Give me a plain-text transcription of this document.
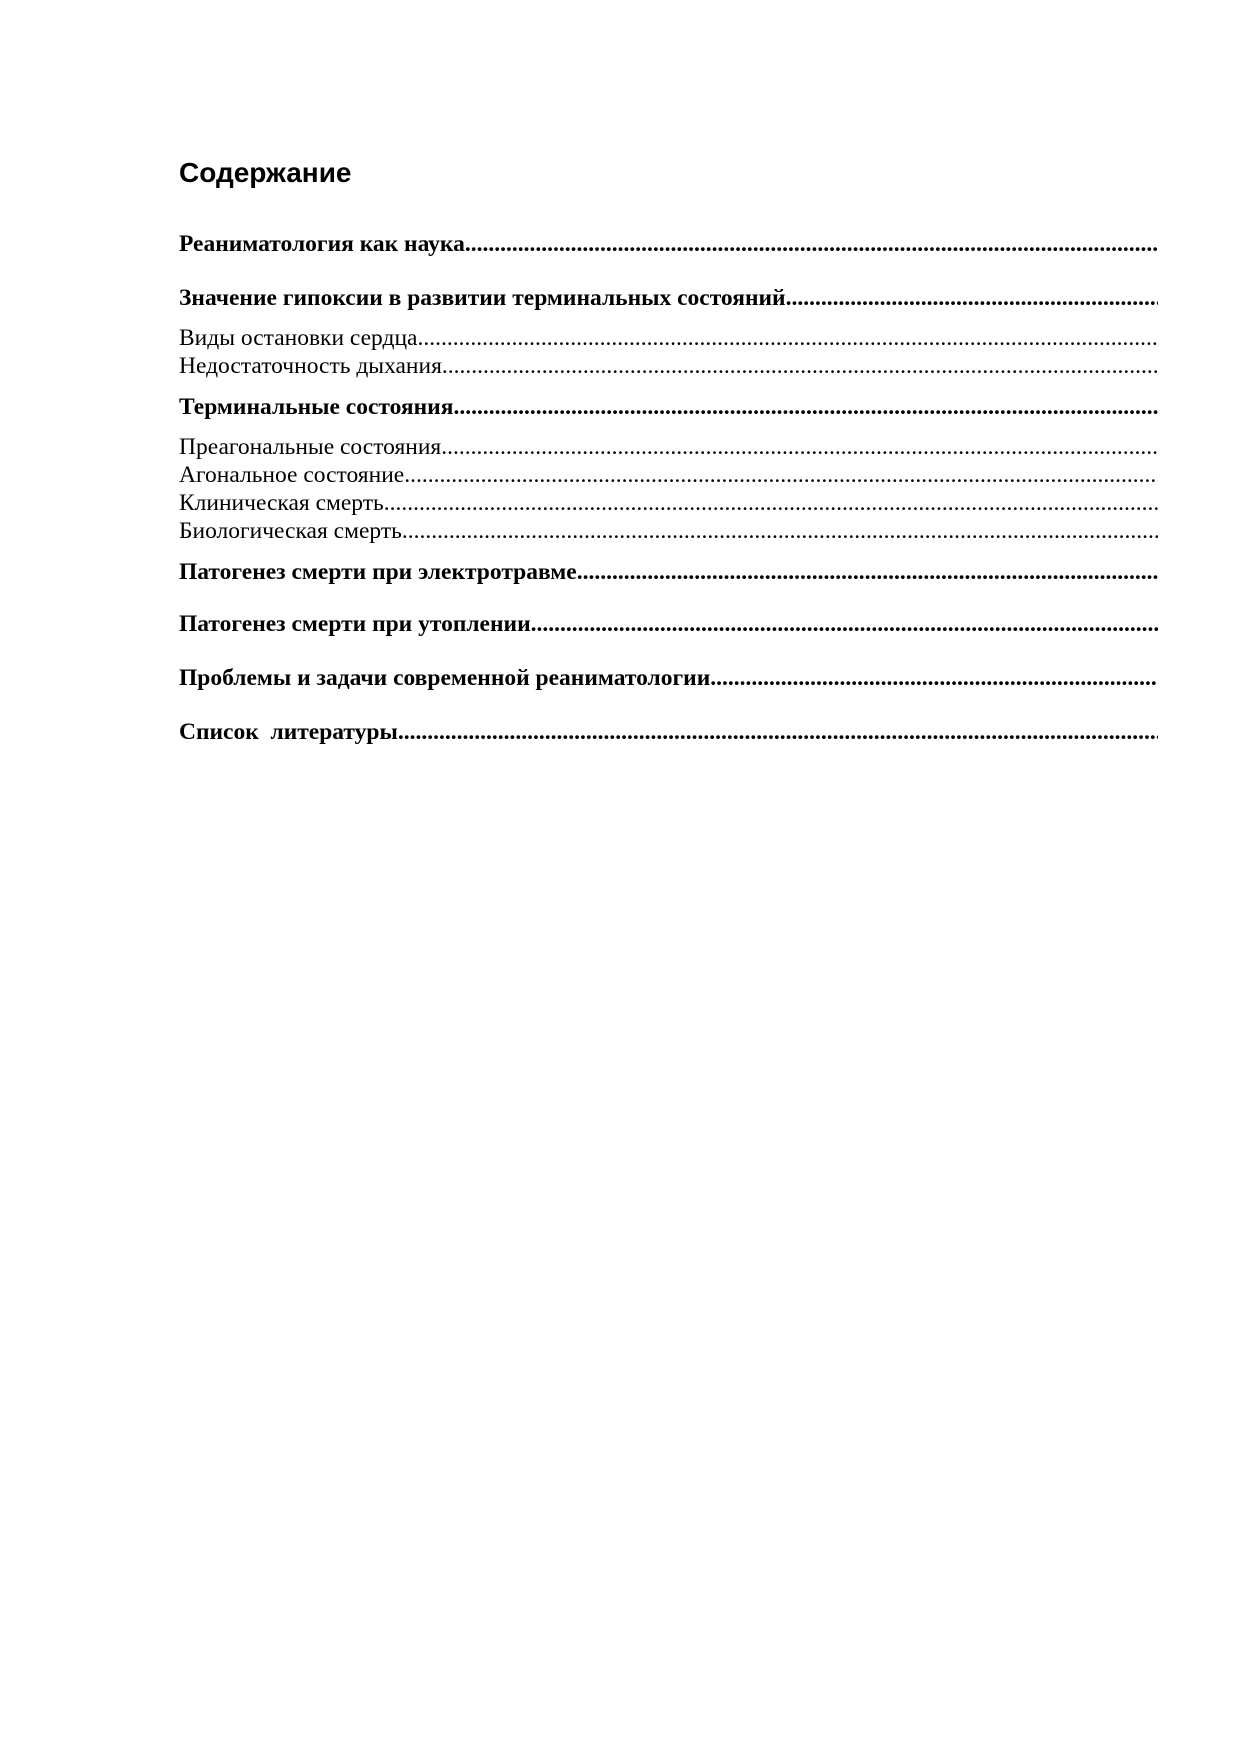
Содержание
Реаниматология как наука
.....
Значение гипоксии в развитии терминальных состояний
.....
Виды остановки сердца
.....
Недостаточность дыхания
.....
Терминальные состояния
.....
Преагональные состояния
.....
Агональное состояние
.....
Клиническая смерть
.....
Биологическая смерть
.....
Патогенез смерти при электротравме
.....
Патогенез смерти при утоплении
.....
Проблемы и задачи современной реаниматологии
.....
Список  литературы
.....
